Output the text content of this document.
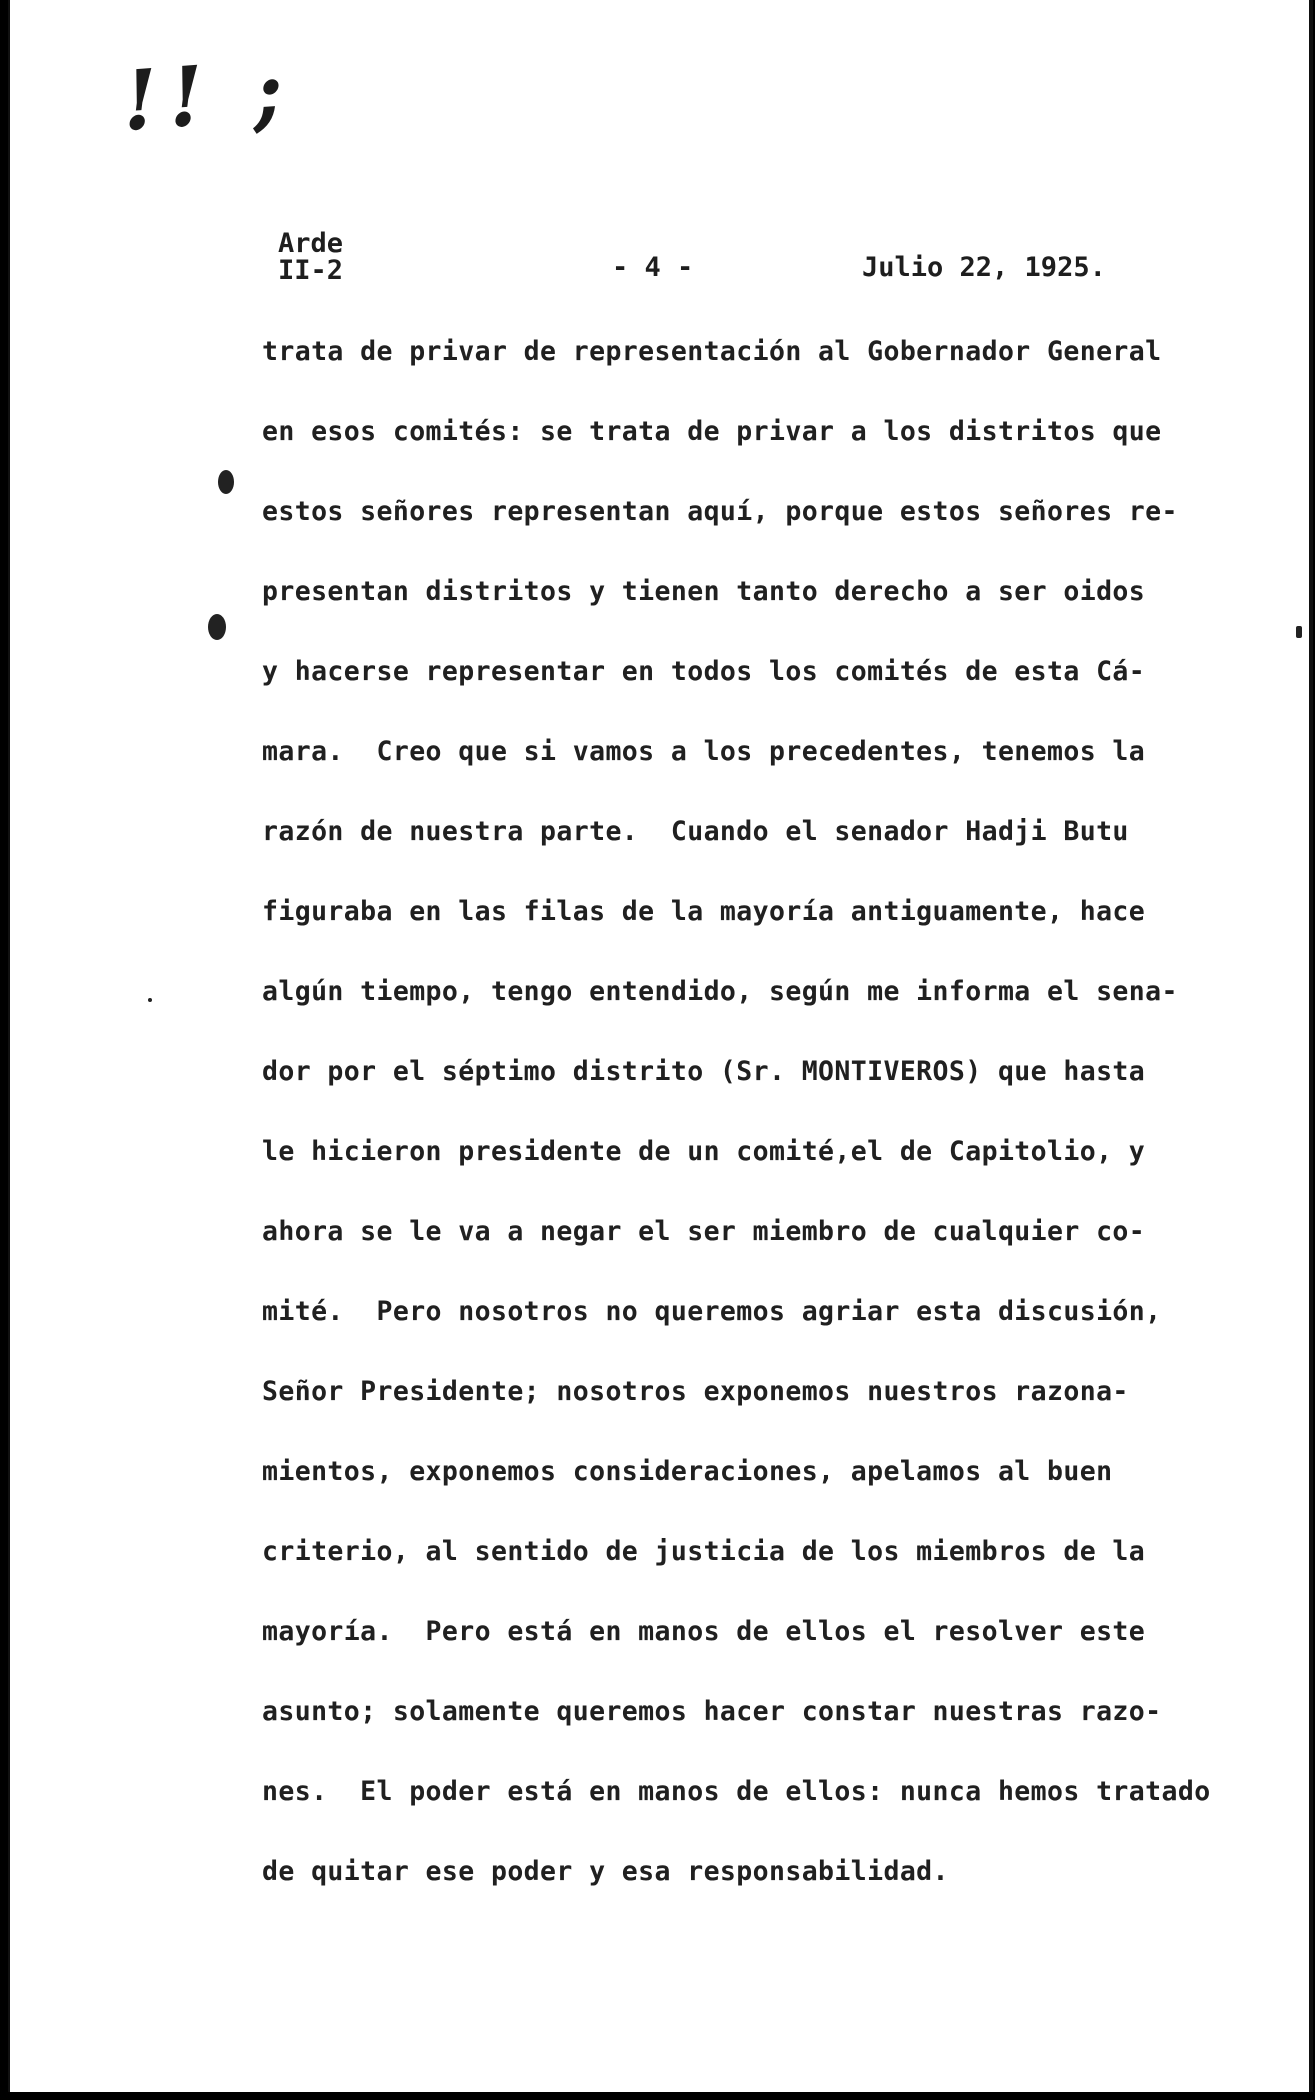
!! ;
Arde
II-2	- 4 -	Julio 22, 1925.
trata de privar de representación al Gobernador General
en esos comités: se trata de privar a los distritos que
estos señores representan aquí, porque estos señores re-
presentan distritos y tienen tanto derecho a ser oidos
y hacerse representar en todos los comités de esta Cá-
mara.  Creo que si vamos a los precedentes, tenemos la
razón de nuestra parte.  Cuando el senador Hadji Butu
figuraba en las filas de la mayoría antiguamente, hace
algún tiempo, tengo entendido, según me informa el sena-
dor por el séptimo distrito (Sr. MONTIVEROS) que hasta
le hicieron presidente de un comité,el de Capitolio, y
ahora se le va a negar el ser miembro de cualquier co-
mité.  Pero nosotros no queremos agriar esta discusión,
Señor Presidente; nosotros exponemos nuestros razona-
mientos, exponemos consideraciones, apelamos al buen
criterio, al sentido de justicia de los miembros de la
mayoría.  Pero está en manos de ellos el resolver este
asunto; solamente queremos hacer constar nuestras razo-
nes.  El poder está en manos de ellos: nunca hemos tratado
de quitar ese poder y esa responsabilidad.
